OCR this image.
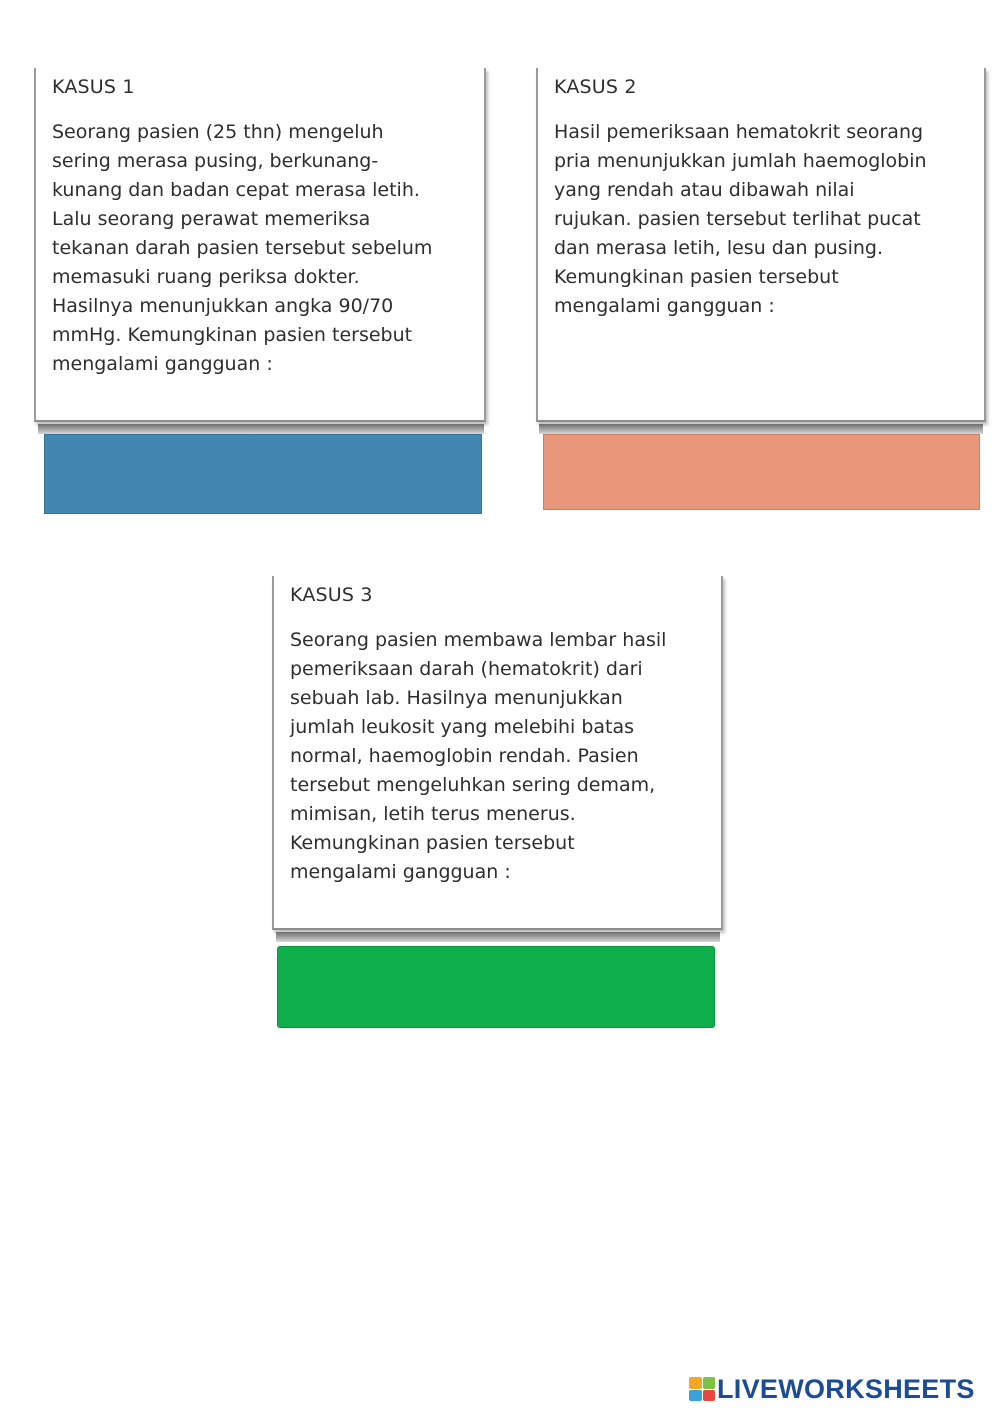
KASUS 1

Seorang pasien (25 thn) mengeluh
sering merasa pusing, berkunang-
kunang dan badan cepat merasa letih.
Lalu seorang perawat memeriksa
tekanan darah pasien tersebut sebelum
memasuki ruang periksa dokter.
Hasilnya menunjukkan angka 90/70
mmHg. Kemungkinan pasien tersebut
mengalami gangguan :

KASUS 2

Hasil pemeriksaan hematokrit seorang
pria menunjukkan jumlah haemoglobin
yang rendah atau dibawah nilai
rujukan. pasien tersebut terlihat pucat
dan merasa letih, lesu dan pusing.
Kemungkinan pasien tersebut
mengalami gangguan :

KASUS 3

Seorang pasien membawa lembar hasil
pemeriksaan darah (hematokrit) dari
sebuah lab. Hasilnya menunjukkan
jumlah leukosit yang melebihi batas
normal, haemoglobin rendah. Pasien
tersebut mengeluhkan sering demam,
mimisan, letih terus menerus.
Kemungkinan pasien tersebut
mengalami gangguan :

LIVEWORKSHEETS
